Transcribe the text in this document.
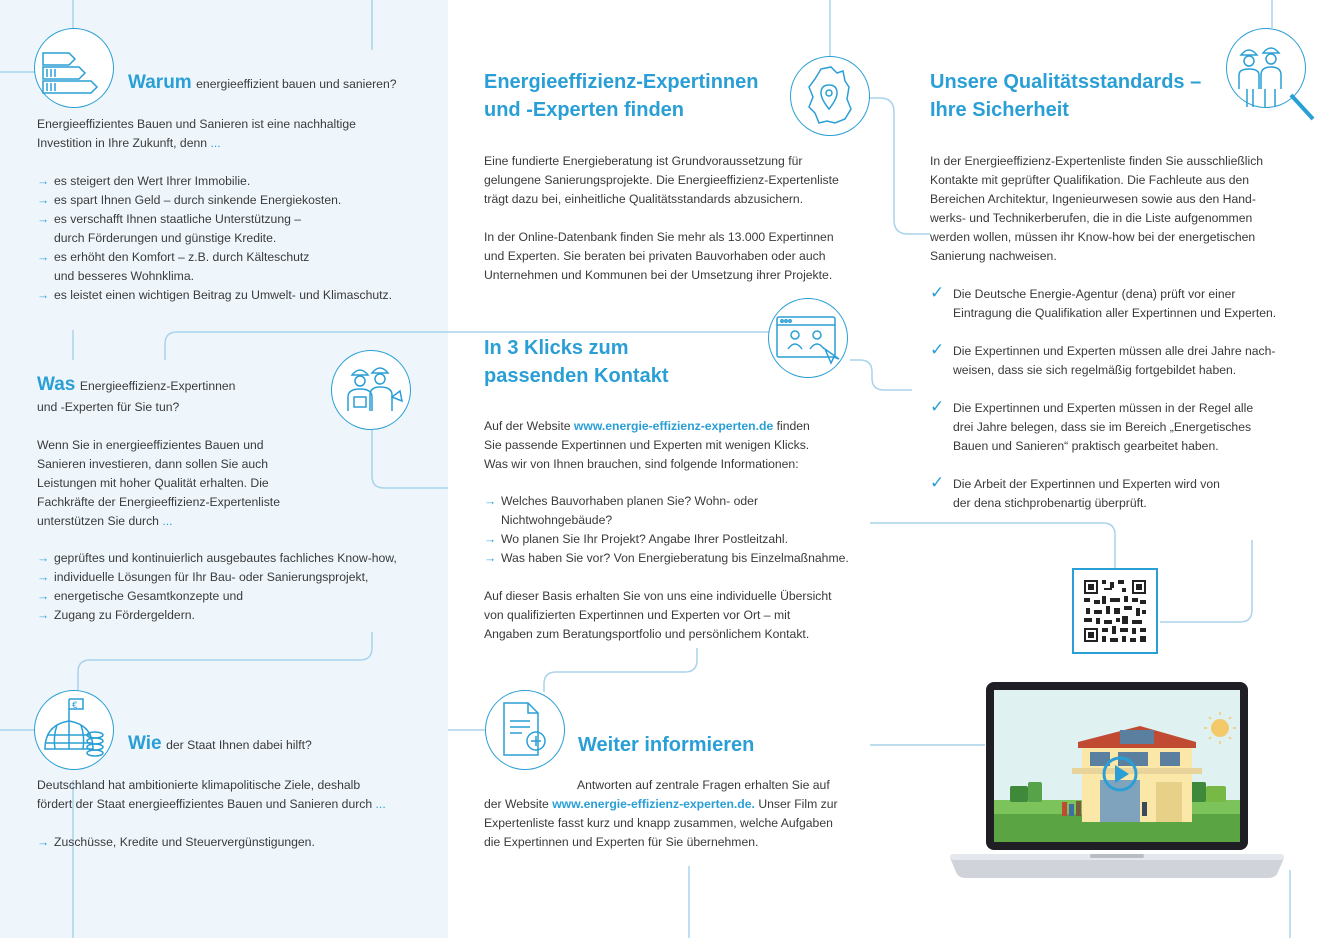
Warum energieeffizient bauen und sanieren?

Energieeffizientes Bauen und Sanieren ist eine nachhaltige

Investition in Ihre Zukunft, denn ...

→ es steigert den Wert Ihrer Immobilie.
→ es spart Ihnen Geld – durch sinkende Energiekosten.
→ es verschafft Ihnen staatliche Unterstützung –
durch Förderungen und günstige Kredite.
→ es erhöht den Komfort – z.B. durch Kälteschutz
und besseres Wohnklima.
→ es leistet einen wichtigen Beitrag zu Umwelt- und Klimaschutz.
Was Energieeffizienz-Expertinnen
und -Experten für Sie tun?

Wenn Sie in energieeffizientes Bauen und

Sanieren investieren, dann sollen Sie auch

Leistungen mit hoher Qualität erhalten. Die

Fachkräfte der Energieeffizienz-Expertenliste

unterstützen Sie durch ...

→ geprüftes und kontinuierlich ausgebautes fachliches Know-how,
→ individuelle Lösungen für Ihr Bau- oder Sanierungsprojekt,
→ energetische Gesamtkonzepte und
→ Zugang zu Fördergeldern.
€
Wie der Staat Ihnen dabei hilft?

Deutschland hat ambitionierte klimapolitische Ziele, deshalb

fördert der Staat energieeffizientes Bauen und Sanieren durch ...

→ Zuschüsse, Kredite und Steuervergünstigungen.
Energieeffizienz-Expertinnen
und -Experten finden

Eine fundierte Energieberatung ist Grundvoraussetzung für

gelungene Sanierungsprojekte. Die Energieeffizienz-Expertenliste

trägt dazu bei, einheitliche Qualitätsstandards abzusichern.

In der Online-Datenbank finden Sie mehr als 13.000 Expertinnen

und Experten. Sie beraten bei privaten Bauvorhaben oder auch

Unternehmen und Kommunen bei der Umsetzung ihrer Projekte.

In 3 Klicks zum
passenden Kontakt

Auf der Website www.energie-effizienz-experten.de finden

Sie passende Expertinnen und Experten mit wenigen Klicks.

Was wir von Ihnen brauchen, sind folgende Informationen:

→ Welches Bauvorhaben planen Sie? Wohn- oder
Nichtwohngebäude?
→ Wo planen Sie Ihr Projekt? Angabe Ihrer Postleitzahl.
→ Was haben Sie vor? Von Energieberatung bis Einzelmaßnahme.

Auf dieser Basis erhalten Sie von uns eine individuelle Übersicht

von qualifizierten Expertinnen und Experten vor Ort – mit

Angaben zum Beratungsportfolio und persönlichem Kontakt.

Weiter informieren

Antworten auf zentrale Fragen erhalten Sie auf

der Website www.energie-effizienz-experten.de. Unser Film zur

Expertenliste fasst kurz und knapp zusammen, welche Aufgaben

die Expertinnen und Experten für Sie übernehmen.

Unsere Qualitätsstandards –
Ihre Sicherheit

In der Energieeffizienz-Expertenliste finden Sie ausschließlich

Kontakte mit geprüfter Qualifikation. Die Fachleute aus den

Bereichen Architektur, Ingenieurwesen sowie aus den Hand-

werks- und Technikerberufen, die in die Liste aufgenommen

werden wollen, müssen ihr Know-how bei der energetischen

Sanierung nachweisen.

✓ Die Deutsche Energie-Agentur (dena) prüft vor einer
Eintragung die Qualifikation aller Expertinnen und Experten.
✓ Die Expertinnen und Experten müssen alle drei Jahre nach-
weisen, dass sie sich regelmäßig fortgebildet haben.
✓ Die Expertinnen und Experten müssen in der Regel alle
drei Jahre belegen, dass sie im Bereich „Energetisches
Bauen und Sanieren“ praktisch gearbeitet haben.
✓ Die Arbeit der Expertinnen und Experten wird von
der dena stichprobenartig überprüft.
